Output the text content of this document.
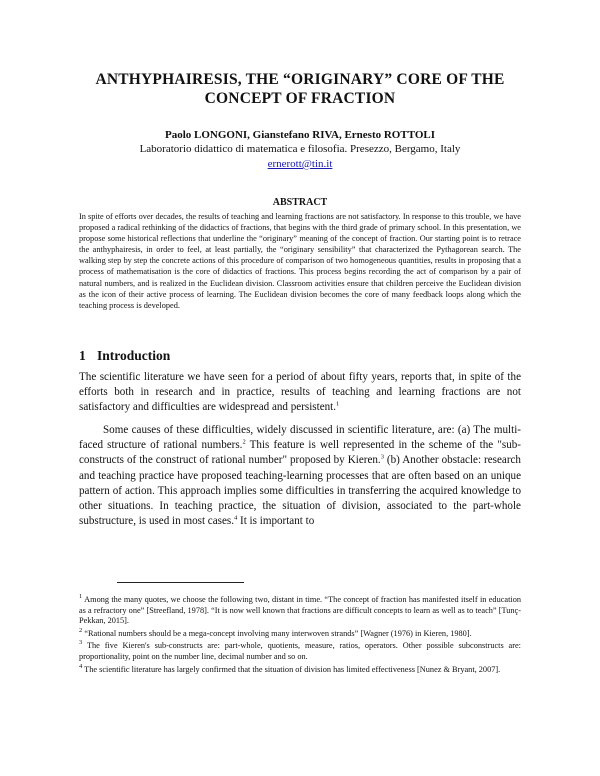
ANTHYPHAIRESIS, THE “ORIGINARY” CORE OF THE CONCEPT OF FRACTION
Paolo LONGONI, Gianstefano RIVA, Ernesto ROTTOLI
Laboratorio didattico di matematica e filosofia. Presezzo, Bergamo, Italy
ernerott@tin.it
ABSTRACT
In spite of efforts over decades, the results of teaching and learning fractions are not satisfactory. In response to this trouble, we have proposed a radical rethinking of the didactics of fractions, that begins with the third grade of primary school. In this presentation, we propose some historical reflections that underline the “originary” meaning of the concept of fraction. Our starting point is to retrace the anthyphairesis, in order to feel, at least partially, the “originary sensibility” that characterized the Pythagorean search. The walking step by step the concrete actions of this procedure of comparison of two homogeneous quantities, results in proposing that a process of mathematisation is the core of didactics of fractions. This process begins recording the act of comparison by a pair of natural numbers, and is realized in the Euclidean division. Classroom activities ensure that children perceive the Euclidean division as the icon of their active process of learning. The Euclidean division becomes the core of many feedback loops along which the teaching process is developed.
1 Introduction

The scientific literature we have seen for a period of about fifty years, reports that, in spite of the efforts both in research and in practice, results of teaching and learning fractions are not satisfactory and difficulties are widespread and persistent.$^1$

Some causes of these difficulties, widely discussed in scientific literature, are: (a) The multi-faced structure of rational numbers.$^2$ This feature is well represented in the scheme of the "sub-constructs of the construct of rational number" proposed by Kieren.$^3$ (b) Another obstacle: research and teaching practice have proposed teaching-learning processes that are often based on an unique pattern of action. This approach implies some difficulties in transferring the acquired knowledge to other situations. In teaching practice, the situation of division, associated to the part-whole substructure, is used in most cases.$^4$ It is important to

$^1$ Among the many quotes, we choose the following two, distant in time. “The concept of fraction has manifested itself in education as a refractory one” [Streefland, 1978]. “It is now well known that fractions are difficult concepts to learn as well as to teach” [Tunç-Pekkan, 2015].
$^2$ “Rational numbers should be a mega-concept involving many interwoven strands” [Wagner (1976) in Kieren, 1980].
$^3$ The five Kieren's sub-constructs are: part-whole, quotients, measure, ratios, operators. Other possible subconstructs are: proportionality, point on the number line, decimal number and so on.
$^4$ The scientific literature has largely confirmed that the situation of division has limited effectiveness [Nunez & Bryant, 2007].
